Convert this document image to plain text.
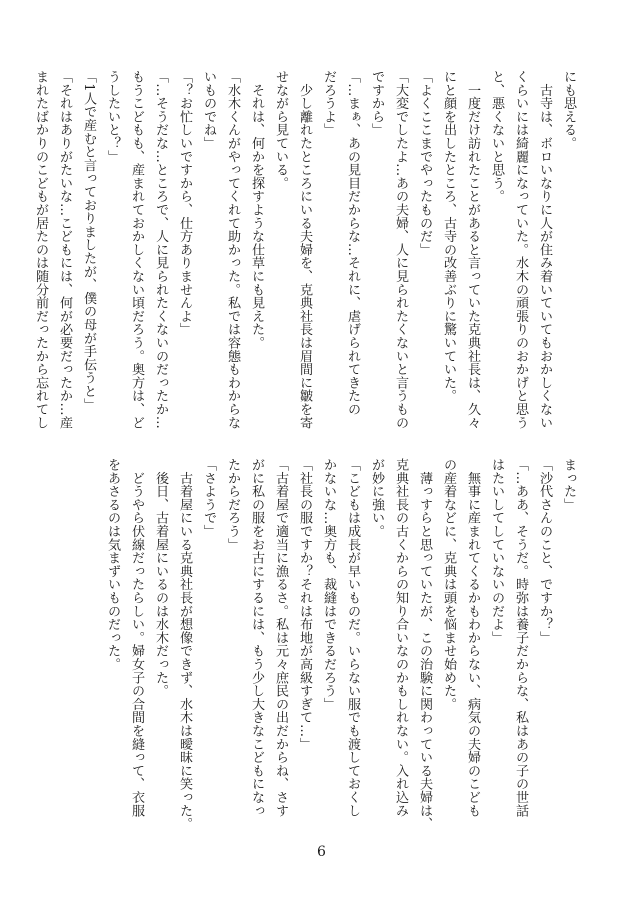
にも思える。
　古寺は、ボロいなりに人が住み着いていてもおかしくない
くらいには綺麗になっていた。水木の頑張りのおかげと思う
と、悪くないと思う。
　一度だけ訪れたことがあると言っていた克典社長は、久々
にと顔を出したところ、古寺の改善ぶりに驚いていた。
「よくここまでやったものだ」
「大変でしたよ…あの夫婦、人に見られたくないと言うもの
ですから」
「…まぁ、あの見目だからな…それに、虐げられてきたの
だろうよ」
　少し離れたところにいる夫婦を、克典社長は眉間に皺を寄
せながら見ている。
　それは、何かを探すような仕草にも見えた。
「水木くんがやってくれて助かった。私では容態もわからな
いものでね」
「？お忙しいですから、仕方ありませんよ」
「…そうだな…ところで、人に見られたくないのだったか…
もうこどもも、産まれておかしくない頃だろう。奥方は、ど
うしたいと？」
「1人で産むと言っておりましたが、僕の母が手伝うと」
「それはありがたいな…こどもには、何が必要だったか…産
まれたばかりのこどもが居たのは随分前だったから忘れてし
まった」
「沙代さんのこと、ですか？」
「…ああ、そうだ。時弥は養子だからな、私はあの子の世話
はたいしてしていないのだよ」
　無事に産まれてくるかもわからない、病気の夫婦のこども
の産着などに、克典は頭を悩ませ始めた。
　薄っすらと思っていたが、この治験に関わっている夫婦は、
克典社長の古くからの知り合いなのかもしれない。入れ込み
が妙に強い。
「こどもは成長が早いものだ。いらない服でも渡しておくし
かないな…奥方も、裁縫はできるだろう」
「社長の服ですか？それは布地が高級すぎて…」
「古着屋で適当に漁るさ。私は元々庶民の出だからね、さす
がに私の服をお古にするには、もう少し大きなこどもになっ
たからだろう」
「さようで」
　古着屋にいる克典社長が想像できず、水木は曖昧に笑った。
　後日、古着屋にいるのは水木だった。
　どうやら伏線だったらしい。婦女子の合間を縫って、衣服
をあさるのは気まずいものだった。
6
